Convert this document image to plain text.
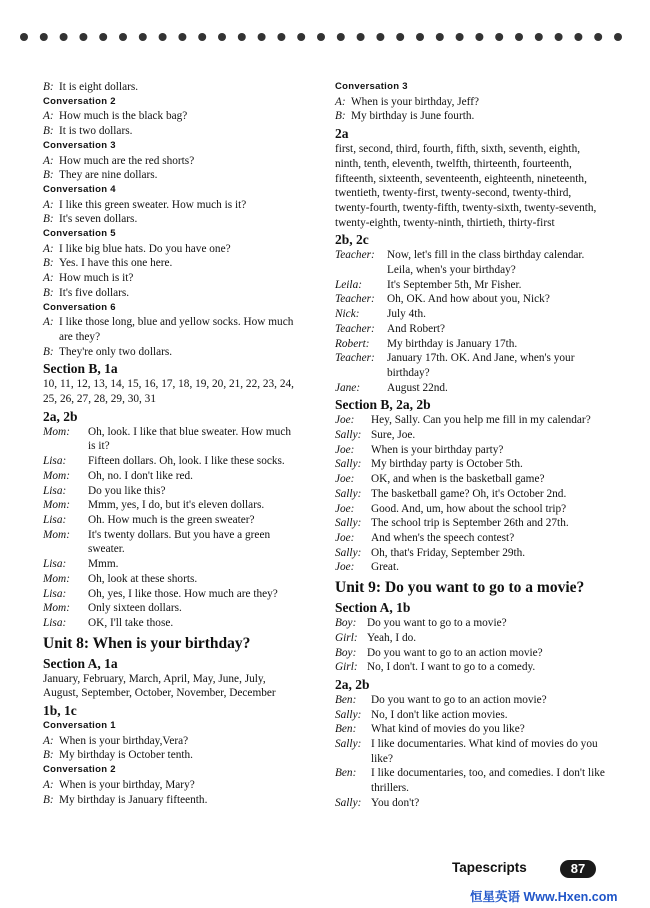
B: It is eight dollars.
Conversation 2
A: How much is the black bag?
B: It is two dollars.
Conversation 3
A: How much are the red shorts?
B: They are nine dollars.
Conversation 4
A: I like this green sweater. How much is it?
B: It's seven dollars.
Conversation 5
A: I like big blue hats. Do you have one?
B: Yes. I have this one here.
A: How much is it?
B: It's five dollars.
Conversation 6
A: I like those long, blue and yellow socks. How much are they?
B: They're only two dollars.
Section B, 1a
10, 11, 12, 13, 14, 15, 16, 17, 18, 19, 20, 21, 22, 23, 24, 25, 26, 27, 28, 29, 30, 31
2a, 2b
Mom:	Oh, look. I like that blue sweater. How much is it?
Lisa:	Fifteen dollars. Oh, look. I like these socks.
Mom:	Oh, no. I don't like red.
Lisa:	Do you like this?
Mom:	Mmm, yes, I do, but it's eleven dollars.
Lisa:	Oh. How much is the green sweater?
Mom:	It's twenty dollars. But you have a green sweater.
Lisa:	Mmm.
Mom:	Oh, look at these shorts.
Lisa:	Oh, yes, I like those. How much are they?
Mom:	Only sixteen dollars.
Lisa:	OK, I'll take those.
Unit 8: When is your birthday?
Section A, 1a
January, February, March, April, May, June, July, August, September, October, November, December
1b, 1c
Conversation 1
A: When is your birthday,Vera?
B: My birthday is October tenth.
Conversation 2
A: When is your birthday, Mary?
B: My birthday is January fifteenth.
Conversation 3
A: When is your birthday, Jeff?
B: My birthday is June fourth.
2a
first, second, third, fourth, fifth, sixth, seventh, eighth, ninth, tenth, eleventh, twelfth, thirteenth, fourteenth, fifteenth, sixteenth, seventeenth, eighteenth, nineteenth, twentieth, twenty-first, twenty-second, twenty-third, twenty-fourth, twenty-fifth, twenty-sixth, twenty-seventh, twenty-eighth, twenty-ninth, thirtieth, thirty-first
2b, 2c
Teacher:	Now, let's fill in the class birthday calendar. Leila, when's your birthday?
Leila:	It's September 5th, Mr Fisher.
Teacher:	Oh, OK. And how about you, Nick?
Nick:	July 4th.
Teacher:	And Robert?
Robert:	My birthday is January 17th.
Teacher:	January 17th. OK. And Jane, when's your birthday?
Jane:	August 22nd.
Section B, 2a, 2b
Joe:	Hey, Sally. Can you help me fill in my calendar?
Sally: Sure, Joe.
Joe:	When is your birthday party?
Sally: My birthday party is October 5th.
Joe:	OK, and when is the basketball game?
Sally: The basketball game? Oh, it's October 2nd.
Joe:	Good. And, um, how about the school trip?
Sally: The school trip is September 26th and 27th.
Joe:	And when's the speech contest?
Sally: Oh, that's Friday, September 29th.
Joe:	Great.
Unit 9: Do you want to go to a movie?
Section A, 1b
Boy: Do you want to go to a movie?
Girl: Yeah, I do.
Boy: Do you want to go to an action movie?
Girl: No, I don't. I want to go to a comedy.
2a, 2b
Ben:	Do you want to go to an action movie?
Sally: No, I don't like action movies.
Ben:	What kind of movies do you like?
Sally: I like documentaries. What kind of movies do you like?
Ben:	I like documentaries, too, and comedies. I don't like thrillers.
Sally: You don't?
Tapescripts	87
恒星英语 Www.Hxen.com
